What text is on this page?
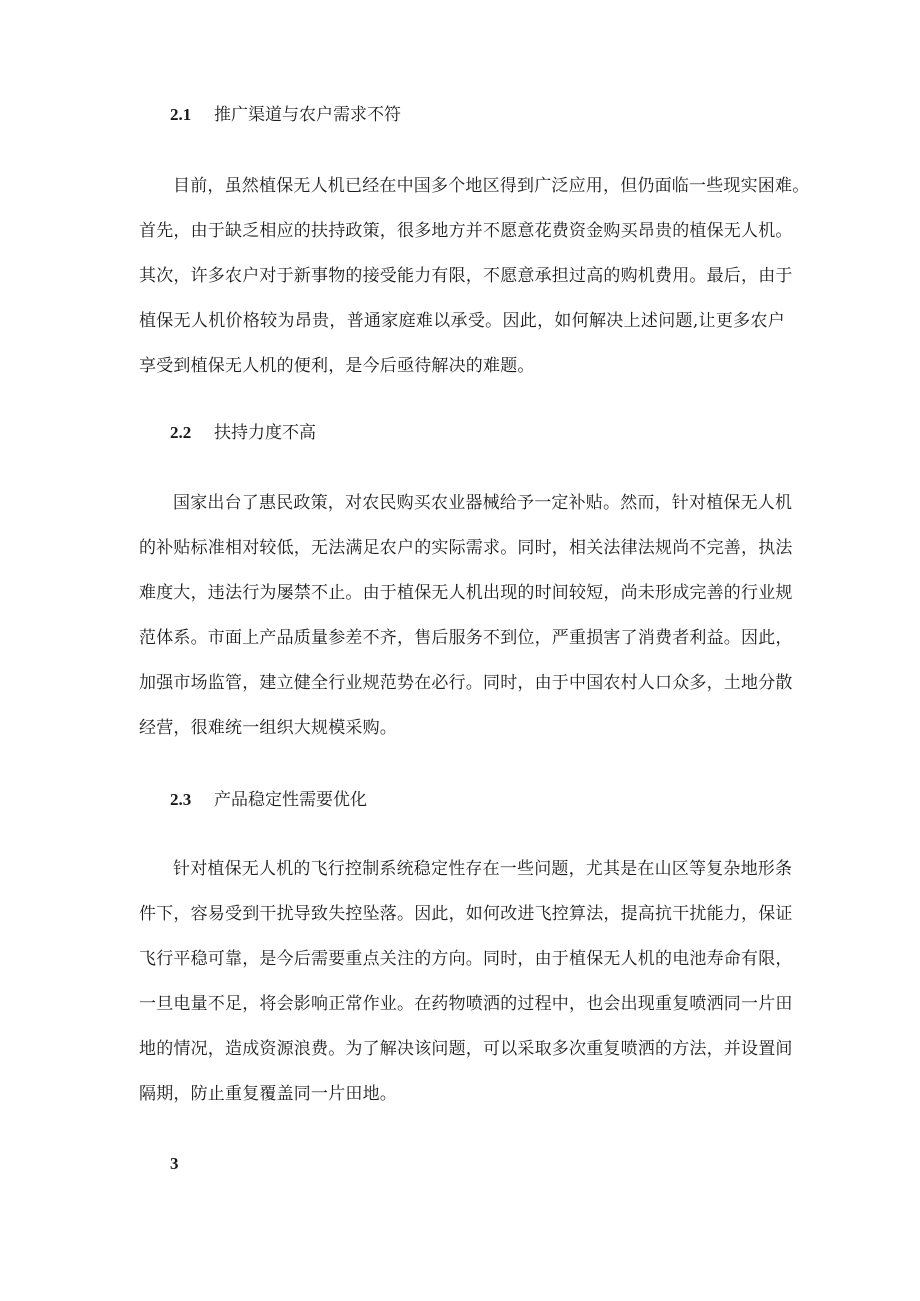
2.1 推广渠道与农户需求不符
目前，虽然植保无人机已经在中国多个地区得到广泛应用，但仍面临一些现实困难。
首先，由于缺乏相应的扶持政策，很多地方并不愿意花费资金购买昂贵的植保无人机。
其次，许多农户对于新事物的接受能力有限，不愿意承担过高的购机费用。最后，由于
植保无人机价格较为昂贵，普通家庭难以承受。因此，如何解决上述问题,让更多农户
享受到植保无人机的便利，是今后亟待解决的难题。
2.2 扶持力度不高
国家出台了惠民政策，对农民购买农业器械给予一定补贴。然而，针对植保无人机
的补贴标准相对较低，无法满足农户的实际需求。同时，相关法律法规尚不完善，执法
难度大，违法行为屡禁不止。由于植保无人机出现的时间较短，尚未形成完善的行业规
范体系。市面上产品质量参差不齐，售后服务不到位，严重损害了消费者利益。因此，
加强市场监管，建立健全行业规范势在必行。同时，由于中国农村人口众多，土地分散
经营，很难统一组织大规模采购。
2.3 产品稳定性需要优化
针对植保无人机的飞行控制系统稳定性存在一些问题，尤其是在山区等复杂地形条
件下，容易受到干扰导致失控坠落。因此，如何改进飞控算法，提高抗干扰能力，保证
飞行平稳可靠，是今后需要重点关注的方向。同时，由于植保无人机的电池寿命有限，
一旦电量不足，将会影响正常作业。在药物喷洒的过程中，也会出现重复喷洒同一片田
地的情况，造成资源浪费。为了解决该问题，可以采取多次重复喷洒的方法，并设置间
隔期，防止重复覆盖同一片田地。
3
